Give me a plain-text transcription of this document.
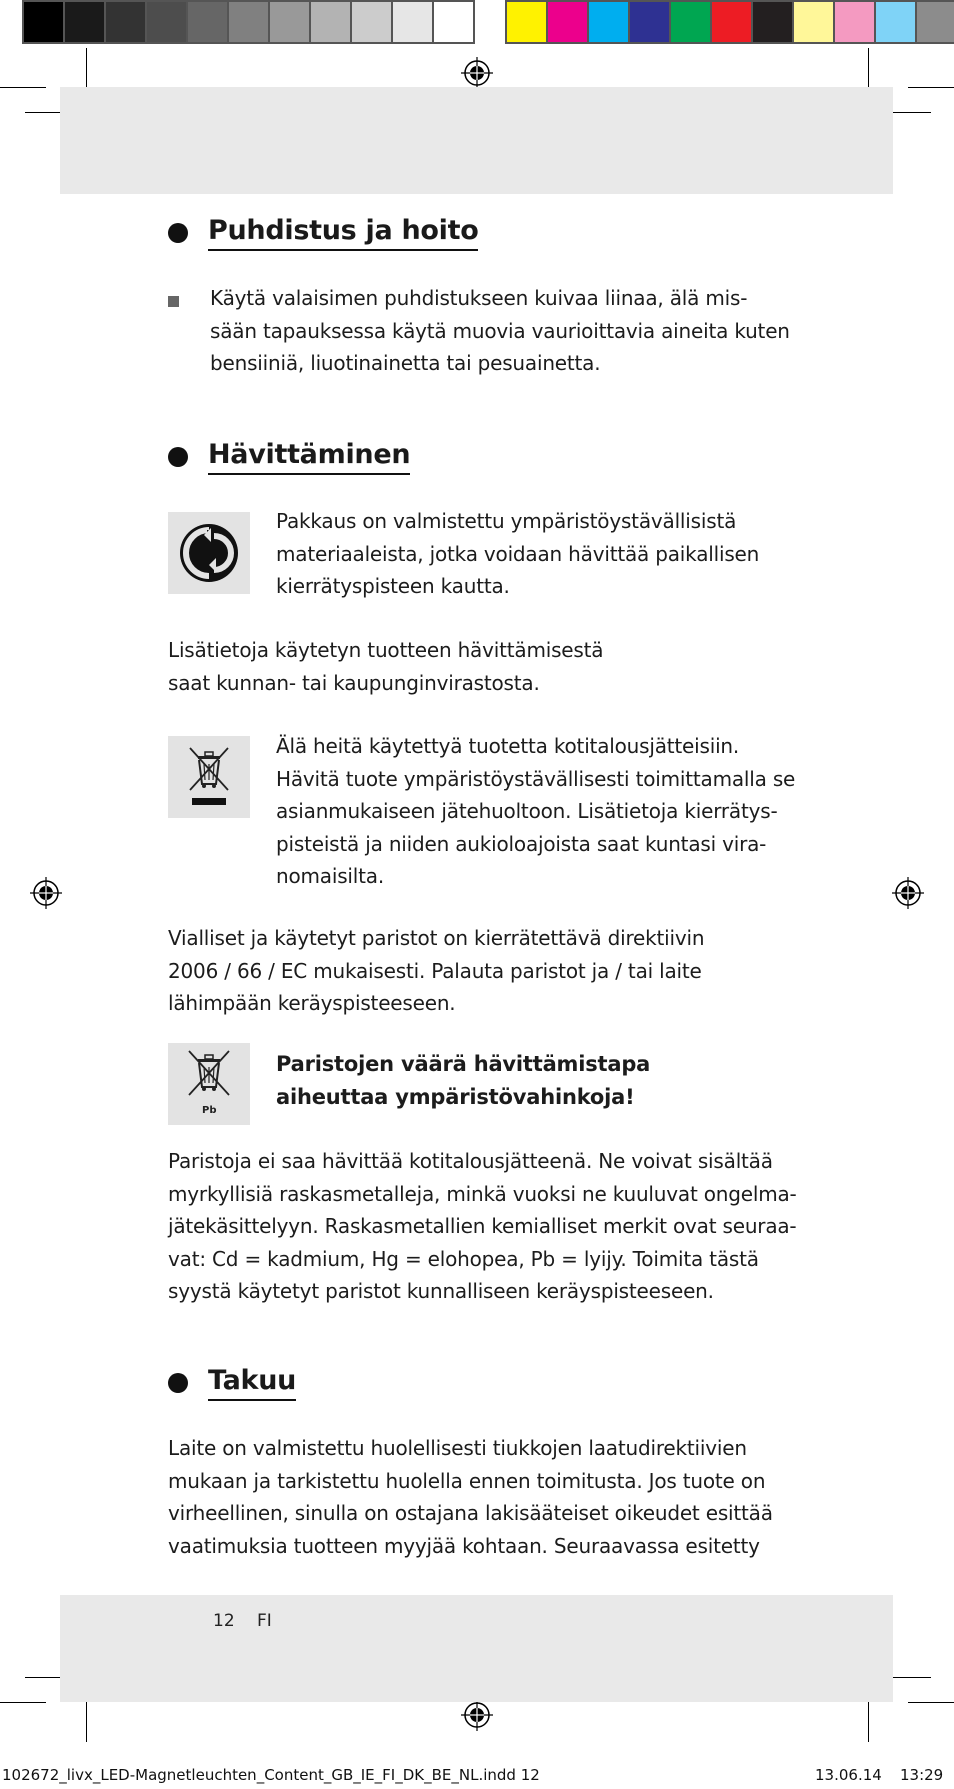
Puhdistus ja hoito
Käytä valaisimen puhdistukseen kuivaa liinaa, älä mis-
sään tapauksessa käytä muovia vaurioittavia aineita kuten
bensiiniä, liuotinainetta tai pesuainetta.
Hävittäminen
Pakkaus on valmistettu ympäristöystävällisistä
materiaaleista, jotka voidaan hävittää paikallisen
kierrätyspisteen kautta.
Lisätietoja käytetyn tuotteen hävittämisestä
saat kunnan- tai kaupunginvirastosta.
Älä heitä käytettyä tuotetta kotitalousjätteisiin.
Hävitä tuote ympäristöystävällisesti toimittamalla se
asianmukaiseen jätehuoltoon. Lisätietoja kierrätys-
pisteistä ja niiden aukioloajoista saat kuntasi vira-
nomaisilta.
Vialliset ja käytetyt paristot on kierrätettävä direktiivin
2006 / 66 / EC mukaisesti. Palauta paristot ja / tai laite
lähimpään keräyspisteeseen.
Pb
Paristojen väärä hävittämistapa
aiheuttaa ympäristövahinkoja!
Paristoja ei saa hävittää kotitalousjätteenä. Ne voivat sisältää
myrkyllisiä raskasmetalleja, minkä vuoksi ne kuuluvat ongelma-
jätekäsittelyyn. Raskasmetallien kemialliset merkit ovat seuraa-
vat: Cd = kadmium, Hg = elohopea, Pb = lyijy. Toimita tästä
syystä käytetyt paristot kunnalliseen keräyspisteeseen.
Takuu
Laite on valmistettu huolellisesti tiukkojen laatudirektiivien
mukaan ja tarkistettu huolella ennen toimitusta. Jos tuote on
virheellinen, sinulla on ostajana lakisääteiset oikeudet esittää
vaatimuksia tuotteen myyjää kohtaan. Seuraavassa esitetty
12 FI
102672_livx_LED-Magnetleuchten_Content_GB_IE_FI_DK_BE_NL.indd 12	13.06.14 13:29
